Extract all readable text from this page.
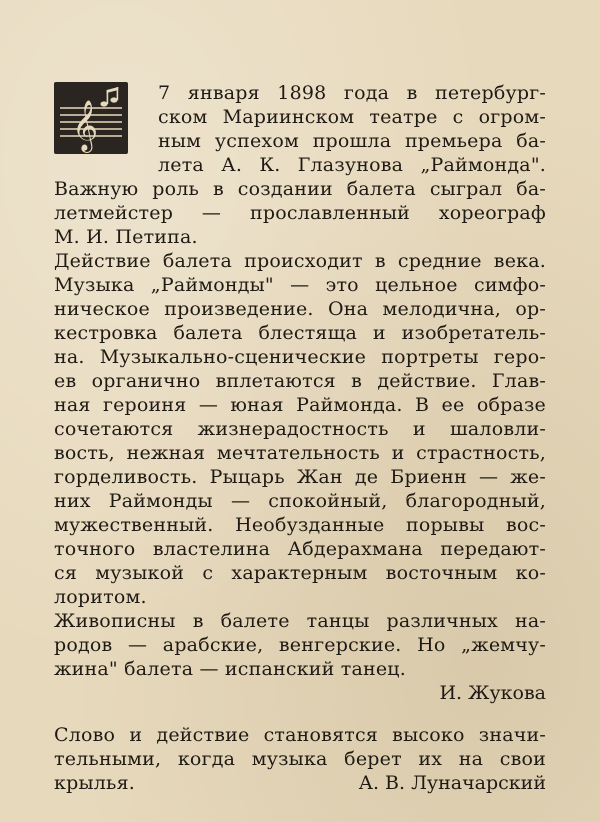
𝄞
7 января 1898 года в петербург-
ском Мариинском театре с огром-
ным успехом прошла премьера ба-
лета А. К. Глазунова „Раймонда".
Важную роль в создании балета сыграл ба-
летмейстер — прославленный хореограф
М. И. Петипа.
Действие балета происходит в средние века.
Музыка „Раймонды" — это цельное симфо-
ническое произведение. Она мелодична, ор-
кестровка балета блестяща и изобретатель-
на. Музыкально-сценические портреты геро-
ев органично вплетаются в действие. Глав-
ная героиня — юная Раймонда. В ее образе
сочетаются жизнерадостность и шаловли-
вость, нежная мечтательность и страстность,
горделивость. Рыцарь Жан де Бриенн — же-
них Раймонды — спокойный, благородный,
мужественный. Необузданные порывы вос-
точного властелина Абдерахмана передают-
ся музыкой с характерным восточным ко-
лоритом.
Живописны в балете танцы различных на-
родов — арабские, венгерские. Но „жемчу-
жина" балета — испанский танец.
И. Жукова
Слово и действие становятся высоко значи-
тельными, когда музыка берет их на свои
крылья.	А. В. Луначарский
